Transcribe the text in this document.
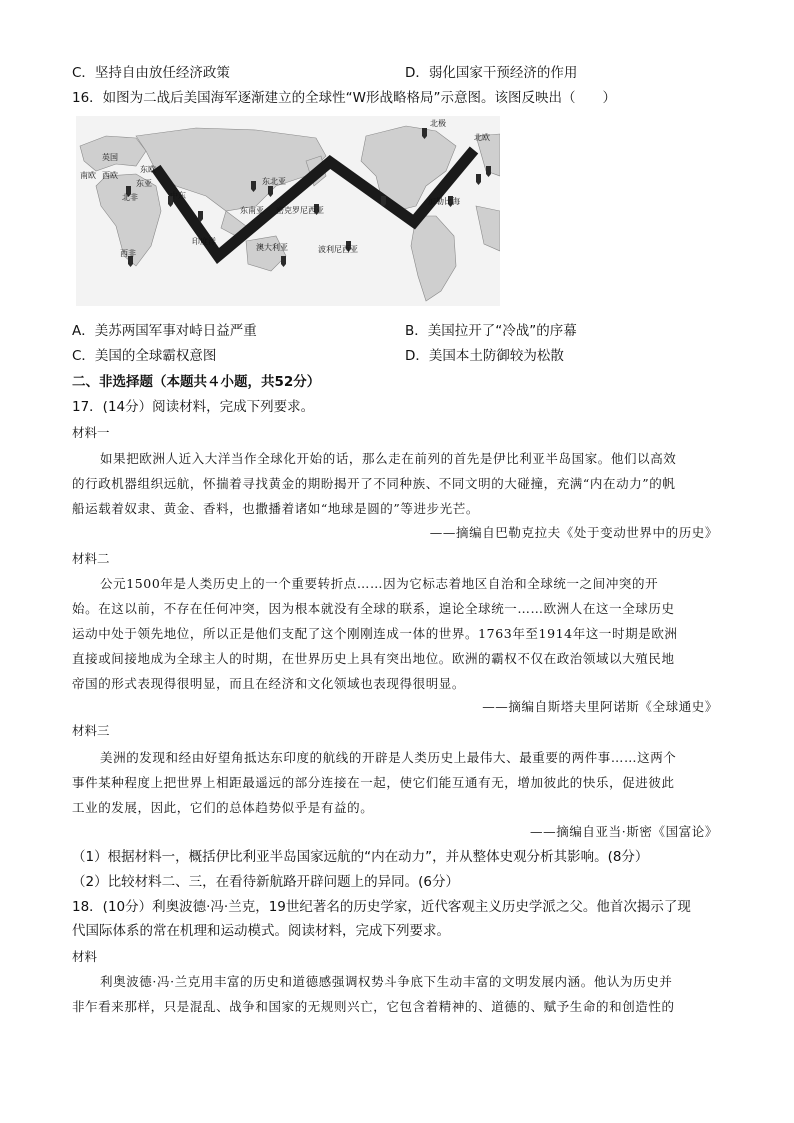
C．坚持自由放任经济政策	D．弱化国家干预经济的作用
16．如图为二战后美国海军逐渐建立的全球性“W形战略格局”示意图。该图反映出（　　）
北极
北欧
英国
东欧
南欧 西欧
东亚	东北亚
北非	中东
东南亚 密克罗尼西亚
加勒比海
印度洋
西非
澳大利亚	波利尼西亚
A．美苏两国军事对峙日益严重	B．美国拉开了“冷战”的序幕
C．美国的全球霸权意图	D．美国本土防御较为松散
二、非选择题（本题共４小题，共52分）
17．(14分）阅读材料，完成下列要求。
材料一
如果把欧洲人近入大洋当作全球化开始的话，那么走在前列的首先是伊比利亚半岛国家。他们以高效
的行政机器组织远航，怀揣着寻找黄金的期盼揭开了不同种族、不同文明的大碰撞，充满“内在动力”的帆
船运载着奴隶、黄金、香料，也撒播着诸如“地球是圆的”等进步光芒。
——摘编自巴勒克拉夫《处于变动世界中的历史》
材料二
公元1500年是人类历史上的一个重要转折点……因为它标志着地区自治和全球统一之间冲突的开
始。在这以前，不存在任何冲突，因为根本就没有全球的联系，遑论全球统一……欧洲人在这一全球历史
运动中处于领先地位，所以正是他们支配了这个刚刚连成一体的世界。1763年至1914年这一时期是欧洲
直接或间接地成为全球主人的时期，在世界历史上具有突出地位。欧洲的霸权不仅在政治领域以大殖民地
帝国的形式表现得很明显，而且在经济和文化领域也表现得很明显。
——摘编自斯塔夫里阿诺斯《全球通史》
材料三
美洲的发现和经由好望角抵达东印度的航线的开辟是人类历史上最伟大、最重要的两件事……这两个
事件某种程度上把世界上相距最遥远的部分连接在一起，使它们能互通有无，增加彼此的快乐，促进彼此
工业的发展，因此，它们的总体趋势似乎是有益的。
——摘编自亚当·斯密《国富论》
（1）根据材料一，概括伊比利亚半岛国家远航的“内在动力”，并从整体史观分析其影响。(8分）
（2）比较材料二、三，在看待新航路开辟问题上的异同。(6分）
18．(10分）利奥波德·冯·兰克，19世纪著名的历史学家，近代客观主义历史学派之父。他首次揭示了现
代国际体系的常在机理和运动模式。阅读材料，完成下列要求。
材料
利奥波德·冯·兰克用丰富的历史和道德感强调权势斗争底下生动丰富的文明发展内涵。他认为历史并
非乍看来那样，只是混乱、战争和国家的无规则兴亡，它包含着精神的、道德的、赋予生命的和创造性的
